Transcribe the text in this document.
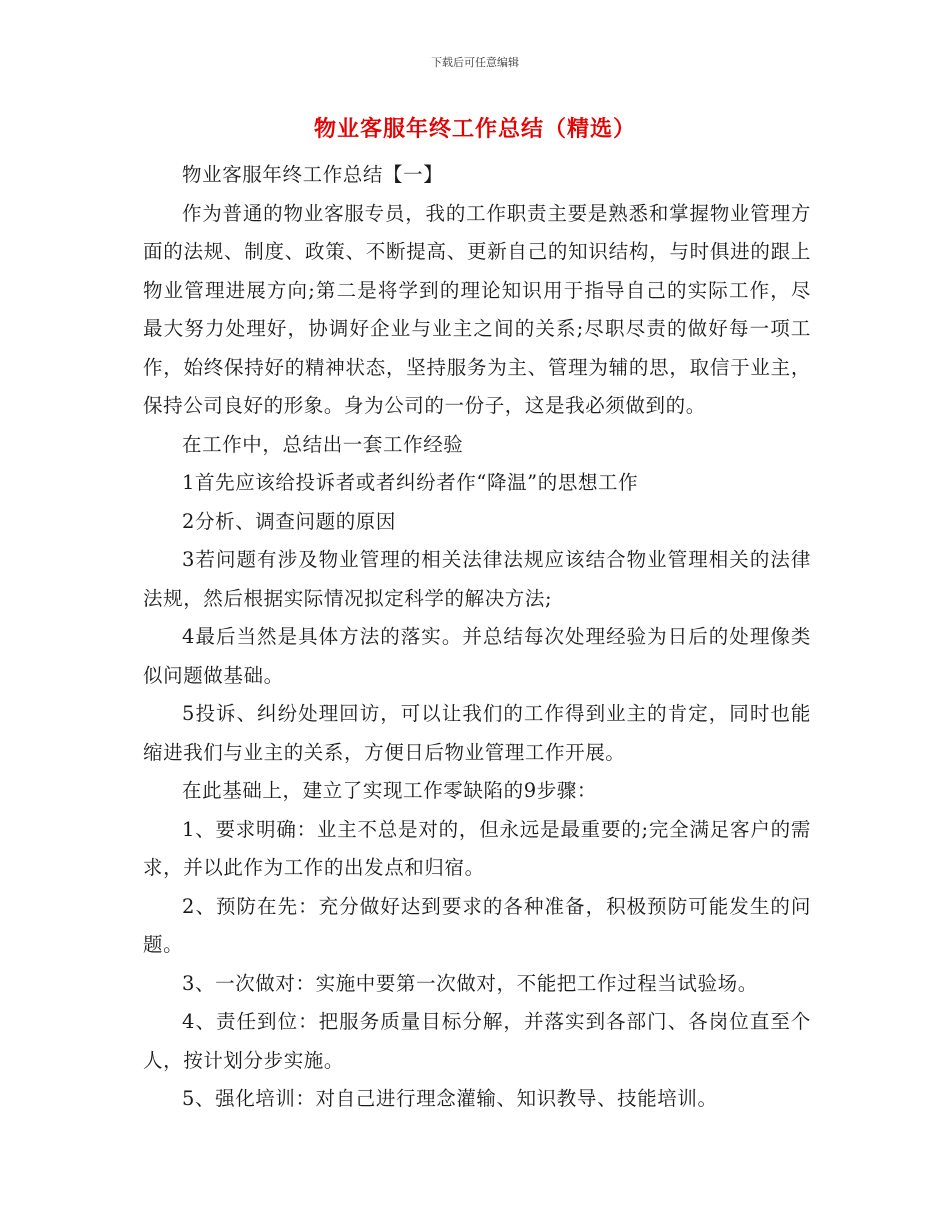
下载后可任意编辑
物业客服年终工作总结（精选）

物业客服年终工作总结【一】

作为普通的物业客服专员，我的工作职责主要是熟悉和掌握物业管理方面的法规、制度、政策、不断提高、更新自己的知识结构，与时俱进的跟上物业管理进展方向;第二是将学到的理论知识用于指导自己的实际工作，尽最大努力处理好，协调好企业与业主之间的关系;尽职尽责的做好每一项工作，始终保持好的精神状态，坚持服务为主、管理为辅的思，取信于业主，保持公司良好的形象。身为公司的一份子，这是我必须做到的。

在工作中，总结出一套工作经验

1首先应该给投诉者或者纠纷者作“降温”的思想工作

2分析、调查问题的原因

3若问题有涉及物业管理的相关法律法规应该结合物业管理相关的法律法规，然后根据实际情况拟定科学的解决方法;

4最后当然是具体方法的落实。并总结每次处理经验为日后的处理像类似问题做基础。

5投诉、纠纷处理回访，可以让我们的工作得到业主的肯定，同时也能缩进我们与业主的关系，方便日后物业管理工作开展。

在此基础上，建立了实现工作零缺陷的9步骤：

1、要求明确：业主不总是对的，但永远是最重要的;完全满足客户的需求，并以此作为工作的出发点和归宿。

2、预防在先：充分做好达到要求的各种准备，积极预防可能发生的问题。

3、一次做对：实施中要第一次做对，不能把工作过程当试验场。

4、责任到位：把服务质量目标分解，并落实到各部门、各岗位直至个人，按计划分步实施。

5、强化培训：对自己进行理念灌输、知识教导、技能培训。
